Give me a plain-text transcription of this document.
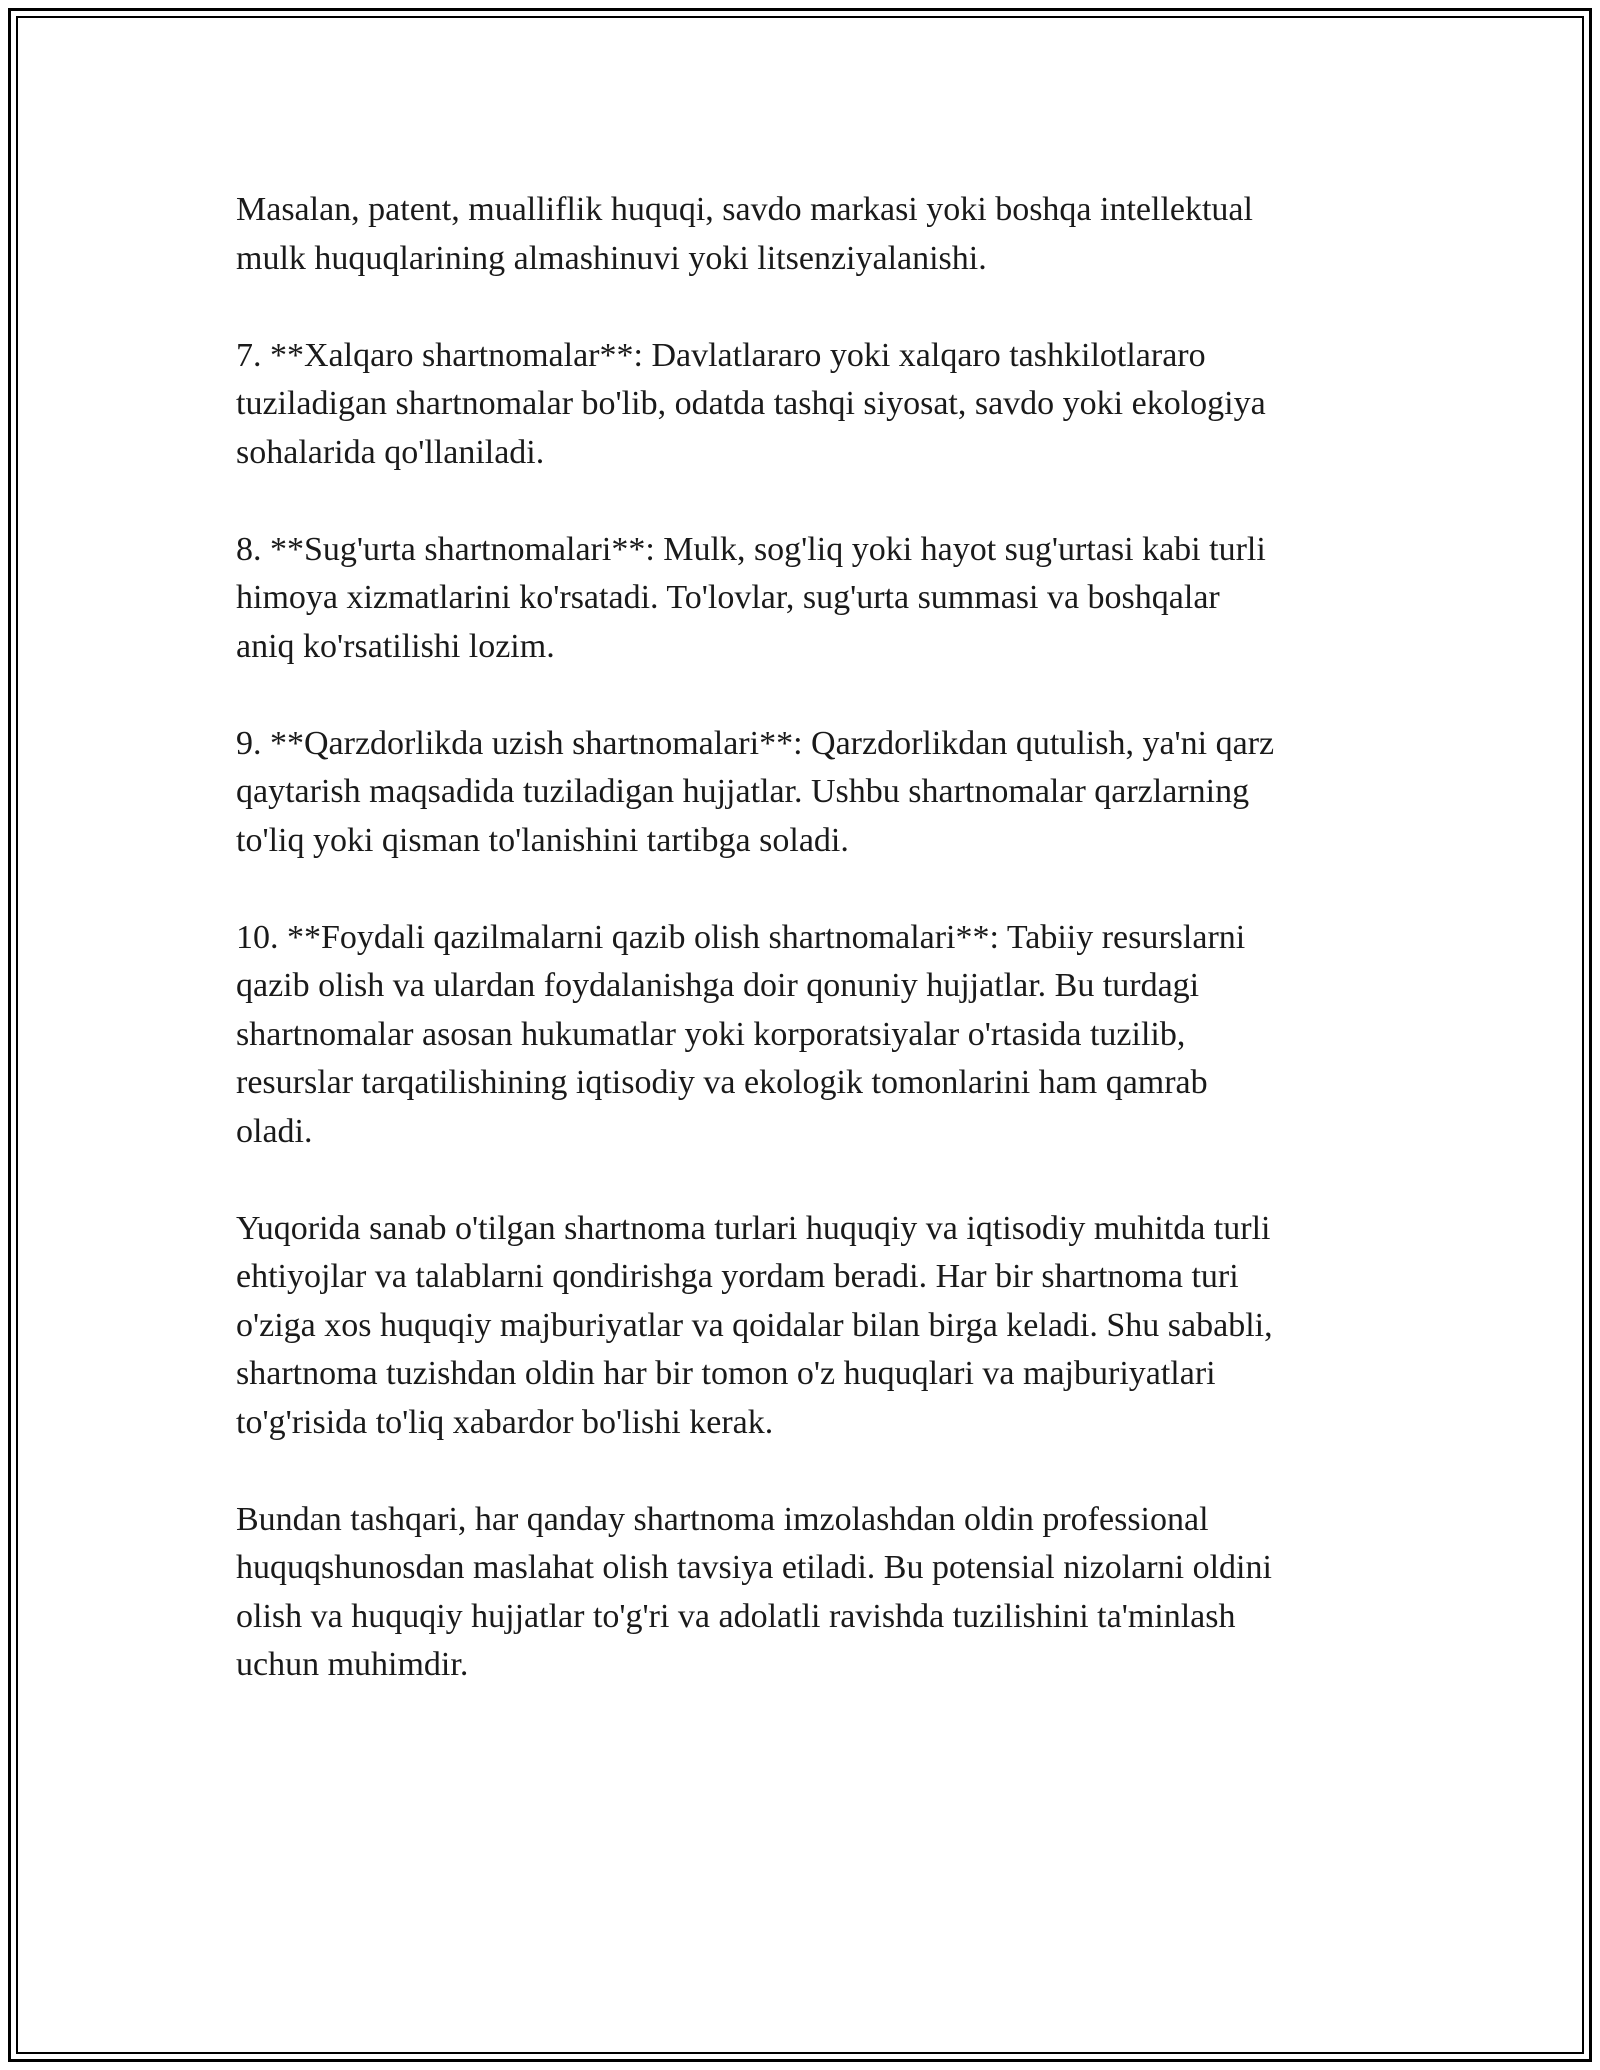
Masalan, patent, mualliflik huquqi, savdo markasi yoki boshqa intellektual
mulk huquqlarining almashinuvi yoki litsenziyalanishi.

7. **Xalqaro shartnomalar**: Davlatlararo yoki xalqaro tashkilotlararo
tuziladigan shartnomalar bo'lib, odatda tashqi siyosat, savdo yoki ekologiya
sohalarida qo'llaniladi.

8. **Sug'urta shartnomalari**: Mulk, sog'liq yoki hayot sug'urtasi kabi turli
himoya xizmatlarini ko'rsatadi. To'lovlar, sug'urta summasi va boshqalar
aniq ko'rsatilishi lozim.

9. **Qarzdorlikda uzish shartnomalari**: Qarzdorlikdan qutulish, ya'ni qarz
qaytarish maqsadida tuziladigan hujjatlar. Ushbu shartnomalar qarzlarning
to'liq yoki qisman to'lanishini tartibga soladi.

10. **Foydali qazilmalarni qazib olish shartnomalari**: Tabiiy resurslarni
qazib olish va ulardan foydalanishga doir qonuniy hujjatlar. Bu turdagi
shartnomalar asosan hukumatlar yoki korporatsiyalar o'rtasida tuzilib,
resurslar tarqatilishining iqtisodiy va ekologik tomonlarini ham qamrab
oladi.

Yuqorida sanab o'tilgan shartnoma turlari huquqiy va iqtisodiy muhitda turli
ehtiyojlar va talablarni qondirishga yordam beradi. Har bir shartnoma turi
o'ziga xos huquqiy majburiyatlar va qoidalar bilan birga keladi. Shu sababli,
shartnoma tuzishdan oldin har bir tomon o'z huquqlari va majburiyatlari
to'g'risida to'liq xabardor bo'lishi kerak.

Bundan tashqari, har qanday shartnoma imzolashdan oldin professional
huquqshunosdan maslahat olish tavsiya etiladi. Bu potensial nizolarni oldini
olish va huquqiy hujjatlar to'g'ri va adolatli ravishda tuzilishini ta'minlash
uchun muhimdir.
